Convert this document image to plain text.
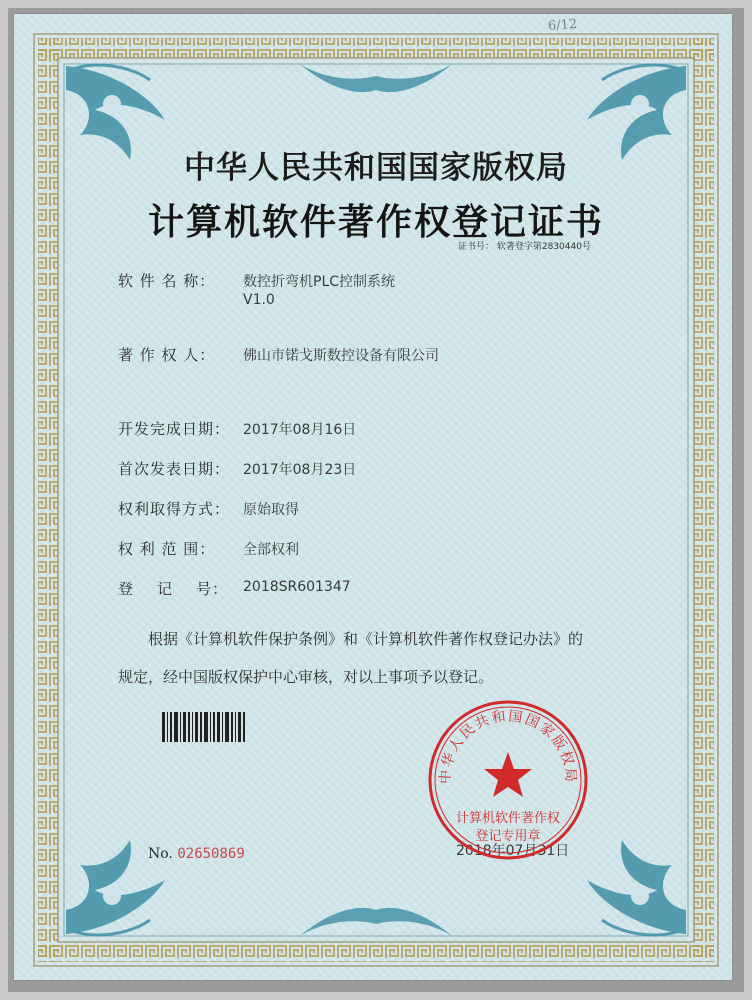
6/12
中华人民共和国国家版权局
计算机软件著作权登记证书
证书号： 软著登字第2830440号
软 件 名 称： 数控折弯机PLC控制系统
V1.0
著 作 权 人： 佛山市锘戈斯数控设备有限公司
开发完成日期： 2017年08月16日
首次发表日期： 2017年08月23日
权利取得方式： 原始取得
权 利 范 围： 全部权利
登    记    号： 2018SR601347
根据《计算机软件保护条例》和《计算机软件著作权登记办法》的
规定，经中国版权保护中心审核，对以上事项予以登记。
No. 02650869	2018年07月31日
中华人民共和国国家版权局
计算机软件著作权
登记专用章
